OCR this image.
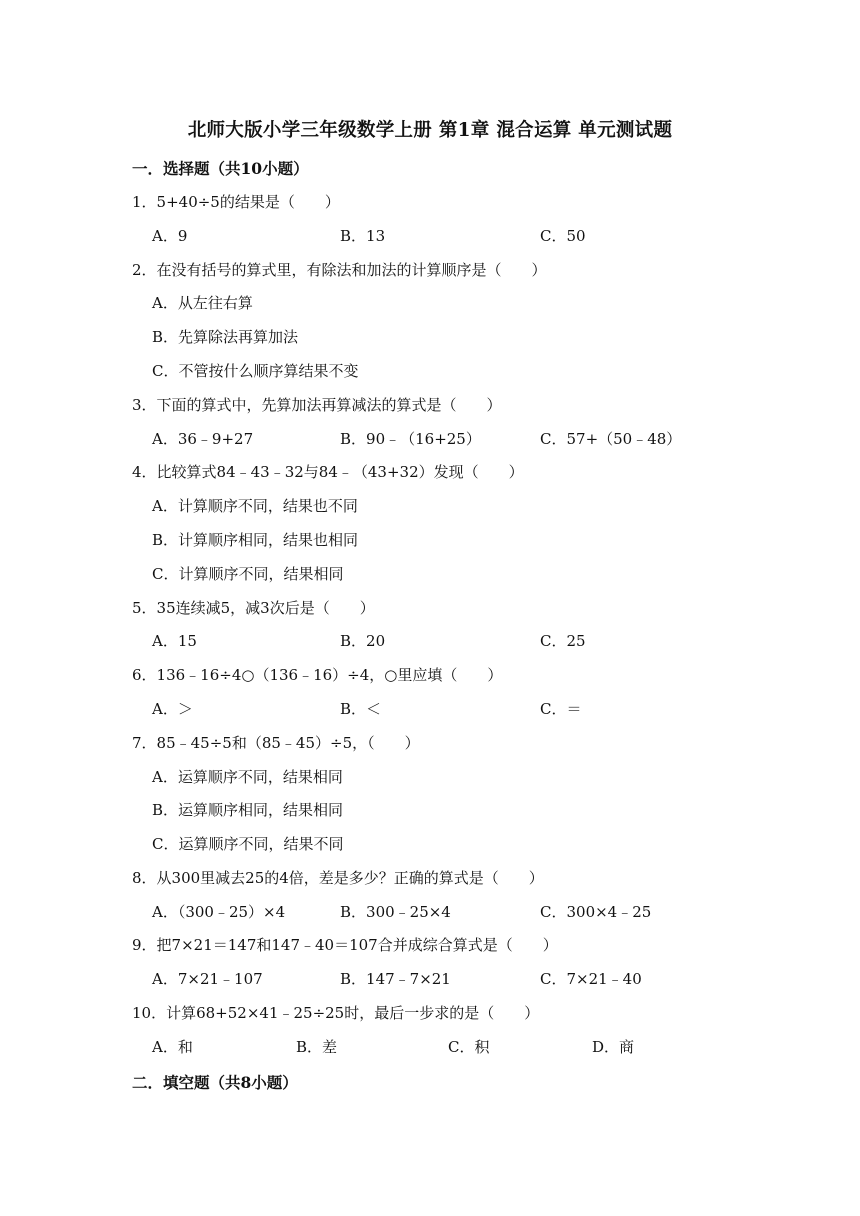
北师大版小学三年级数学上册 第1章 混合运算 单元测试题
一．选择题（共10小题）
1．5+40÷5的结果是（　　）
A．9	B．13	C．50
2．在没有括号的算式里，有除法和加法的计算顺序是（　　）
A．从左往右算
B．先算除法再算加法
C．不管按什么顺序算结果不变
3．下面的算式中，先算加法再算减法的算式是（　　）
A．36﹣9+27	B．90﹣（16+25）	C．57+（50﹣48）
4．比较算式84﹣43﹣32与84﹣（43+32）发现（　　）
A．计算顺序不同，结果也不同
B．计算顺序相同，结果也相同
C．计算顺序不同，结果相同
5．35连续减5，减3次后是（　　）
A．15	B．20	C．25
6．136﹣16÷4○（136﹣16）÷4，○里应填（　　）
A．＞	B．＜	C．＝
7．85﹣45÷5和（85﹣45）÷5，（　　）
A．运算顺序不同，结果相同
B．运算顺序相同，结果相同
C．运算顺序不同，结果不同
8．从300里减去25的4倍，差是多少？正确的算式是（　　）
A．（300﹣25）×4	B．300﹣25×4	C．300×4﹣25
9．把7×21＝147和147﹣40＝107合并成综合算式是（　　）
A．7×21﹣107	B．147﹣7×21	C．7×21﹣40
10．计算68+52×41﹣25÷25时，最后一步求的是（　　）
A．和	B．差	C．积	D．商
二．填空题（共8小题）
